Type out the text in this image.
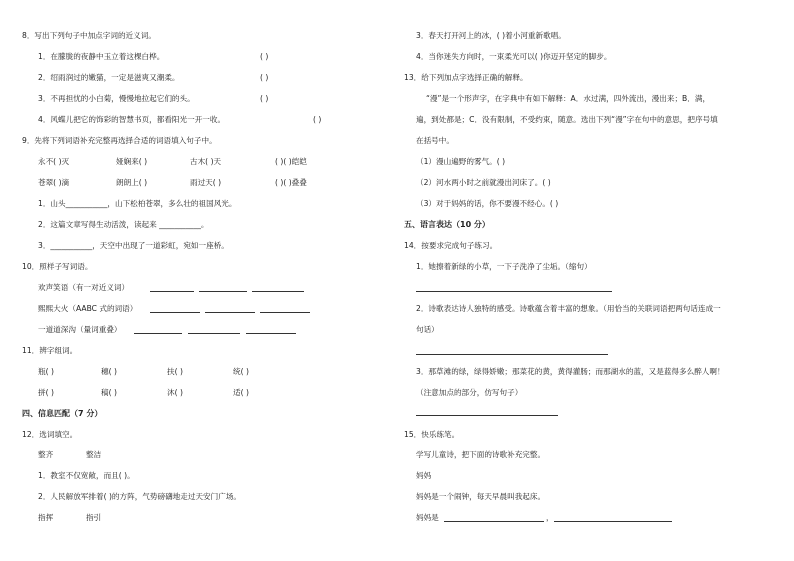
8．写出下列句子中加点字词的近义词。
1．在朦胧的夜静中玉立着这棵白桦。	( )
2．绍雨润过的嫩猫，一定是滋爽又潮柔。	( )
3．不再担忧的小白菊，慢慢地拉起它们的头。	( )
4．风蝶儿把它的饰彩的智慧书页，都看阳光一开一收。	( )
9．先将下列词语补充完整再选择合适的词语填入句子中。
永不( )灭	娅娴来( )	古木( )天	( )( )皑皑
苍翠( )滴	朗朗上( )	雨过天( )	( )( )叠叠
1．山头___________，山下松柏苍翠，多么壮的祖国风光。
2．这篇文章写得生动活泼，读起来 ___________。
3．___________，天空中出现了一道彩虹，宛如一座桥。
10．照样子写词语。
欢声笑语（有一对近义词）
熙熙大火（AABC 式的词语）
一道道深沟（量词重叠）
11．辨字组词。
瓶( )	穗( )	扶( )	统( )
拼( )	稿( )	沐( )	适( )
四、信息匹配（7 分）
12．选词填空。
整齐	整洁
1．教室不仅宽敞，而且( )。
2．人民解放军排着( )的方阵，气势磅礴地走过天安门广场。
指挥	指引
3．春天打开河上的冰，( )着小河重新歌唱。
4．当你迷失方向时，一束柔光可以( )你迈开坚定的脚步。
13．给下列加点字选择正确的解释。
“漫”是一个形声字，在字典中有如下解释：A．水过满，四外流出，漫出来；B．满，
遍，到处都是；C．没有限制，不受约束，随意。选出下列“漫”字在句中的意思，把序号填
在括号中。
（1）漫山遍野的雾气。( )
（2）河水两小时之前就漫出河床了。( )
（3）对于妈妈的话，你不要漫不经心。( )
五、语言表达（10 分）
14．按要求完成句子练习。
1．她擦着新绿的小草，一下子洗净了尘垢。（缩句）
2．诗歌表达诗人独特的感受。诗歌蕴含着丰富的想象。（用恰当的关联词语把两句话连成一
句话）
3．那草滩的绿，绿得娇嫩；那菜花的黄，黄得灌肠；而那湖水的蓝，又是蓝得多么醉人啊！
（注意加点的部分，仿写句子）
15．快乐练笔。
学写儿童诗，把下面的诗歌补充完整。
妈妈
妈妈是一个闹钟，每天早晨叫我起床。
妈妈是	，
